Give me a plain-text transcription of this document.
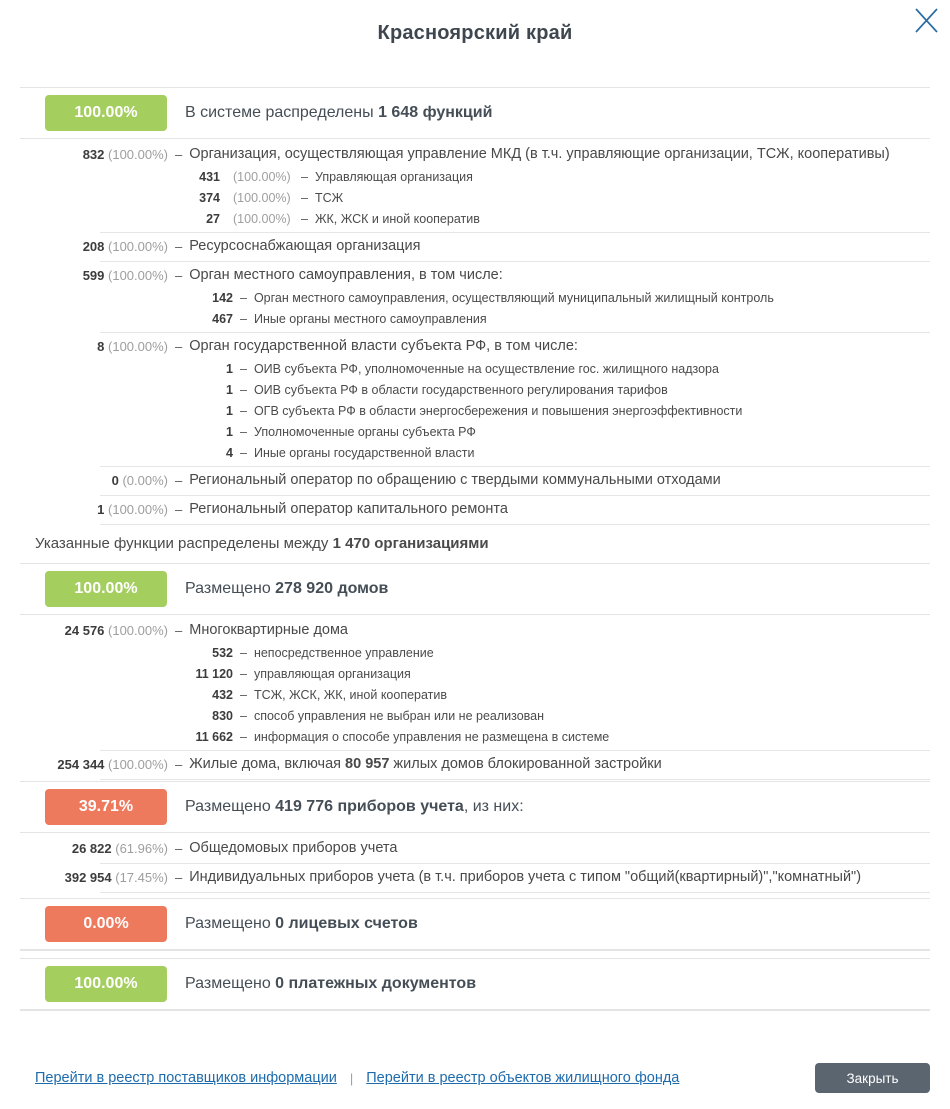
Красноярский край
100.00%	В системе распределены 1 648 функций
832 (100.00%) – Организация, осуществляющая управление МКД (в т.ч. управляющие организации, ТСЖ, кооперативы)
431	(100.00%) – Управляющая организация
374	(100.00%) – ТСЖ
27	(100.00%) – ЖК, ЖСК и иной кооператив
208 (100.00%) – Ресурсоснабжающая организация
599 (100.00%) – Орган местного самоуправления, в том числе:
142 – Орган местного самоуправления, осуществляющий муниципальный жилищный контроль
467 – Иные органы местного самоуправления
8 (100.00%) – Орган государственной власти субъекта РФ, в том числе:
1 – ОИВ субъекта РФ, уполномоченные на осуществление гос. жилищного надзора
1 – ОИВ субъекта РФ в области государственного регулирования тарифов
1 – ОГВ субъекта РФ в области энергосбережения и повышения энергоэффективности
1 – Уполномоченные органы субъекта РФ
4 – Иные органы государственной власти
0 (0.00%) – Региональный оператор по обращению с твердыми коммунальными отходами
1 (100.00%) – Региональный оператор капитального ремонта
Указанные функции распределены между 1 470 организациями
100.00%	Размещено 278 920 домов
24 576 (100.00%) – Многоквартирные дома
532 – непосредственное управление
11 120 – управляющая организация
432 – ТСЖ, ЖСК, ЖК, иной кооператив
830 – способ управления не выбран или не реализован
11 662 – информация о способе управления не размещена в системе
254 344 (100.00%) – Жилые дома, включая 80 957 жилых домов блокированной застройки
39.71%	Размещено 419 776 приборов учета, из них:
26 822 (61.96%) – Общедомовых приборов учета
392 954 (17.45%) – Индивидуальных приборов учета (в т.ч. приборов учета с типом "общий(квартирный)","комнатный")
0.00%	Размещено 0 лицевых счетов
100.00%	Размещено 0 платежных документов
Перейти в реестр поставщиков информации | Перейти в реестр объектов жилищного фонда	Закрыть
